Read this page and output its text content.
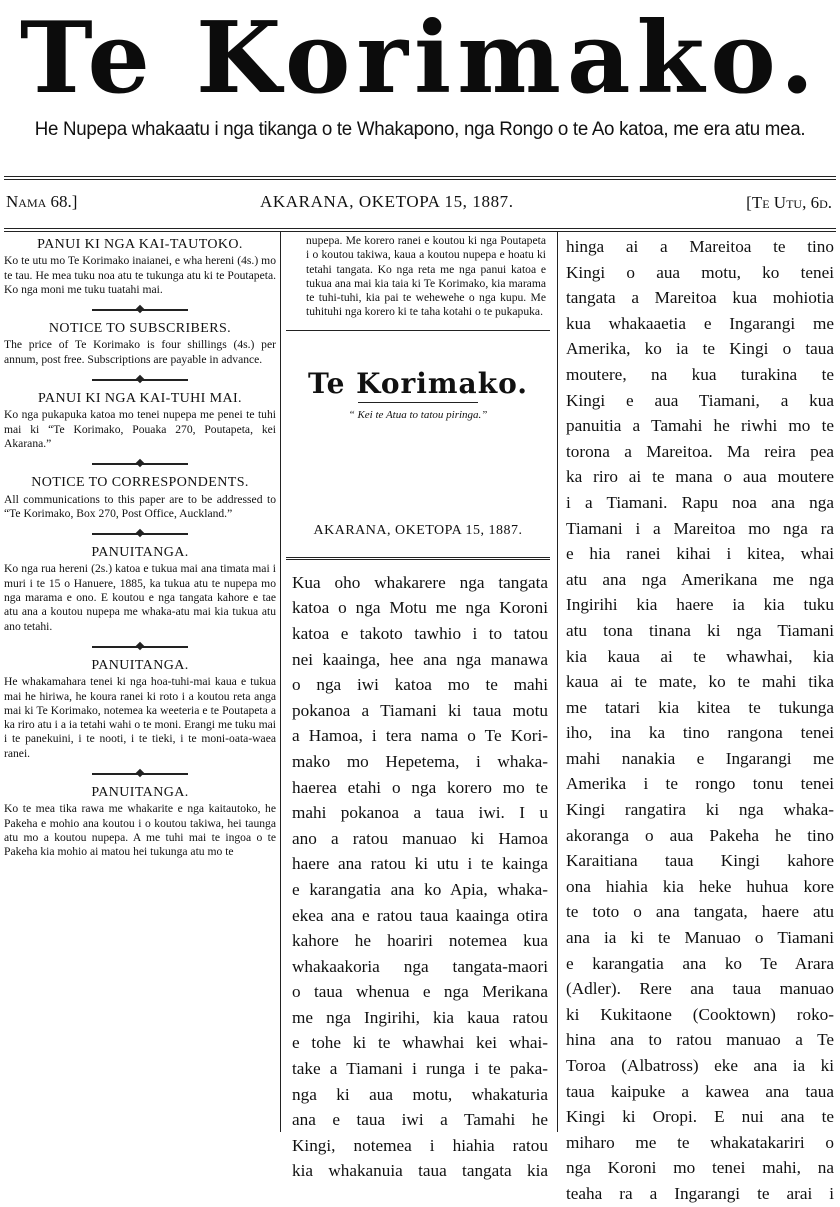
Te Korimako.
He Nupepa whakaatu i nga tikanga o te Whakapono, nga Rongo o te Ao katoa, me era atu mea.
Nama 68.]	AKARANA, OKETOPA 15, 1887.	[Te Utu, 6d.
PANUI KI NGA KAI-TAUTOKO.

Ko te utu mo Te Korimako inaianei, e wha hereni (4s.) mo te tau. He mea tuku noa atu te tukunga atu ki te Poutapeta. Ko nga moni me tuku tuatahi mai.

NOTICE TO SUBSCRIBERS.

The price of Te Korimako is four shillings (4s.) per annum, post free. Subscriptions are payable in advance.

PANUI KI NGA KAI-TUHI MAI.

Ko nga pukapuka katoa mo tenei nupepa me penei te tuhi mai ki “Te Korimako, Pouaka 270, Poutapeta, kei Akarana.”

NOTICE TO CORRESPONDENTS.

All communications to this paper are to be addressed to “Te Korimako, Box 270, Post Office, Auckland.”

PANUITANGA.

Ko nga rua hereni (2s.) katoa e tukua mai ana timata mai i muri i te 15 o Hanuere, 1885, ka tukua atu te nupepa mo nga marama e ono. E koutou e nga tangata kahore e tae atu ana a koutou nupepa me whaka-atu mai kia tukua atu ano tetahi.

PANUITANGA.

He whakamahara tenei ki nga hoa-tuhi-mai kaua e tukua mai he hiriwa, he koura ranei ki roto i a koutou reta anga mai ki Te Korimako, notemea ka weeteria e te Poutapeta a ka riro atu i a ia tetahi wahi o te moni. Erangi me tuku mai i te panekuini, i te nooti, i te tieki, i te moni-oata-waea ranei.

PANUITANGA.

Ko te mea tika rawa me whakarite e nga kaitautoko, he Pakeha e mohio ana koutou i o koutou takiwa, hei taunga atu mo a koutou nupepa. A me tuhi mai te ingoa o te Pakeha kia mohio ai matou hei tukunga atu mo te

nupepa. Me korero ranei e koutou ki nga Poutapeta i o koutou takiwa, kaua a koutou nupepa e hoatu ki tetahi tangata. Ko nga reta me nga panui katoa e tukua ana mai kia taia ki Te Korimako, kia marama te tuhi-tuhi, kia pai te wehewehe o nga kupu. Me tuhituhi nga korero ki te taha kotahi o te pukapuka.
Te Korimako.
“ Kei te Atua to tatou piringa.”
AKARANA, OKETOPA 15, 1887.
Kua oho whakarere nga tangata
katoa o nga Motu me nga Koroni
katoa e takoto tawhio i to tatou
nei kaainga, hee ana nga manawa
o nga iwi katoa mo te mahi
pokanoa a Tiamani ki taua motu
a Hamoa, i tera nama o Te Kori-
mako mo Hepetema, i whaka-
haerea etahi o nga korero mo te
mahi pokanoa a taua iwi. I u
ano a ratou manuao ki Hamoa
haere ana ratou ki utu i te kainga
e karangatia ana ko Apia, whaka-
ekea ana e ratou taua kaainga otira
kahore he hoariri notemea kua
whakaakoria nga tangata-maori
o taua whenua e nga Merikana
me nga Ingirihi, kia kaua ratou
e tohe ki te whawhai kei whai-
take a Tiamani i runga i te paka-
nga ki aua motu, whakaturia
ana e taua iwi a Tamahi he
Kingi, notemea i hiahia ratou
kia whakanuia taua tangata kia
hinga ai a Mareitoa te tino
Kingi o aua motu, ko tenei
tangata a Mareitoa kua mohiotia
kua whakaaetia e Ingarangi me
Amerika, ko ia te Kingi o taua
moutere, na kua turakina te
Kingi e aua Tiamani, a kua
panuitia a Tamahi he riwhi mo te
torona a Mareitoa. Ma reira pea
ka riro ai te mana o aua moutere
i a Tiamani. Rapu noa ana nga
Tiamani i a Mareitoa mo nga ra
e hia ranei kihai i kitea, whai
atu ana nga Amerikana me nga
Ingirihi kia haere ia kia tuku
atu tona tinana ki nga Tiamani
kia kaua ai te whawhai, kia
kaua ai te mate, ko te mahi tika
me tatari kia kitea te tukunga
iho, ina ka tino rangona tenei
mahi nanakia e Ingarangi me
Amerika i te rongo tonu tenei
Kingi rangatira ki nga whaka-
akoranga o aua Pakeha he tino
Karaitiana taua Kingi kahore
ona hiahia kia heke huhua kore
te toto o ana tangata, haere atu
ana ia ki te Manuao o Tiamani
e karangatia ana ko Te Arara
(Adler). Rere ana taua manuao
ki Kukitaone (Cooktown) roko-
hina ana to ratou manuao a Te
Toroa (Albatross) eke ana ia ki
taua kaipuke a kawea ana taua
Kingi ki Oropi. E nui ana te
miharo me te whakatakariri o
nga Koroni mo tenei mahi, na
teaha ra a Ingarangi te arai i
